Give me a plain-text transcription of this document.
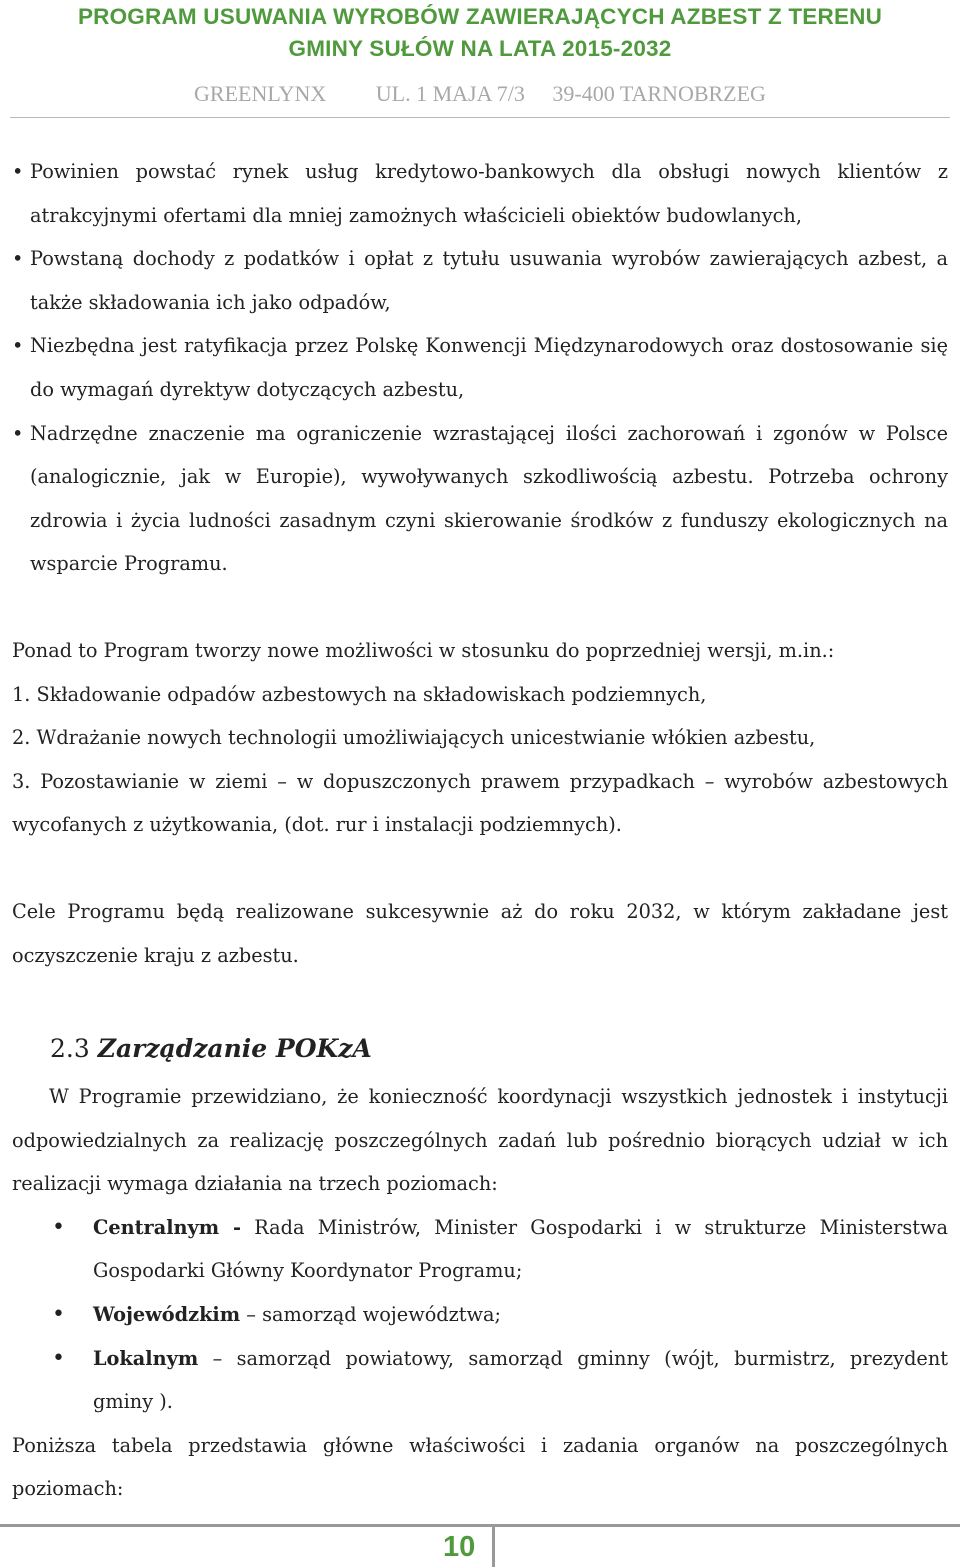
PROGRAM USUWANIA WYROBÓW ZAWIERAJĄCYCH AZBEST Z TERENU
GMINY SUŁÓW NA LATA 2015-2032
GREENLYNX UL. 1 MAJA 7/3 39-400 TARNOBRZEG

• Powinien powstać rynek usług kredytowo-bankowych dla obsługi nowych klientów z atrakcyjnymi ofertami dla mniej zamożnych właścicieli obiektów budowlanych,

• Powstaną dochody z podatków i opłat z tytułu usuwania wyrobów zawierających azbest, a także składowania ich jako odpadów,

• Niezbędna jest ratyfikacja przez Polskę Konwencji Międzynarodowych oraz dostosowanie się do wymagań dyrektyw dotyczących azbestu,

• Nadrzędne znaczenie ma ograniczenie wzrastającej ilości zachorowań i zgonów w Polsce (analogicznie, jak w Europie), wywoływanych szkodliwością azbestu. Potrzeba ochrony zdrowia i życia ludności zasadnym czyni skierowanie środków z funduszy ekologicznych na wsparcie Programu.

Ponad to Program tworzy nowe możliwości w stosunku do poprzedniej wersji, m.in.:

1. Składowanie odpadów azbestowych na składowiskach podziemnych,

2. Wdrażanie nowych technologii umożliwiających unicestwianie włókien azbestu,

3. Pozostawianie w ziemi – w dopuszczonych prawem przypadkach – wyrobów azbestowych wycofanych z użytkowania, (dot. rur i instalacji podziemnych).

Cele Programu będą realizowane sukcesywnie aż do roku 2032, w którym zakładane jest oczyszczenie kraju z azbestu.

2.3 Zarządzanie POKzA

W Programie przewidziano, że konieczność koordynacji wszystkich jednostek i instytucji odpowiedzialnych za realizację poszczególnych zadań lub pośrednio biorących udział w ich realizacji wymaga działania na trzech poziomach:

• Centralnym - Rada Ministrów, Minister Gospodarki i w strukturze Ministerstwa Gospodarki Główny Koordynator Programu;
• Wojewódzkim – samorząd województwa;
• Lokalnym – samorząd powiatowy, samorząd gminny (wójt, burmistrz, prezydent gminy ).

Poniższa tabela przedstawia główne właściwości i zadania organów na poszczególnych poziomach:

10
